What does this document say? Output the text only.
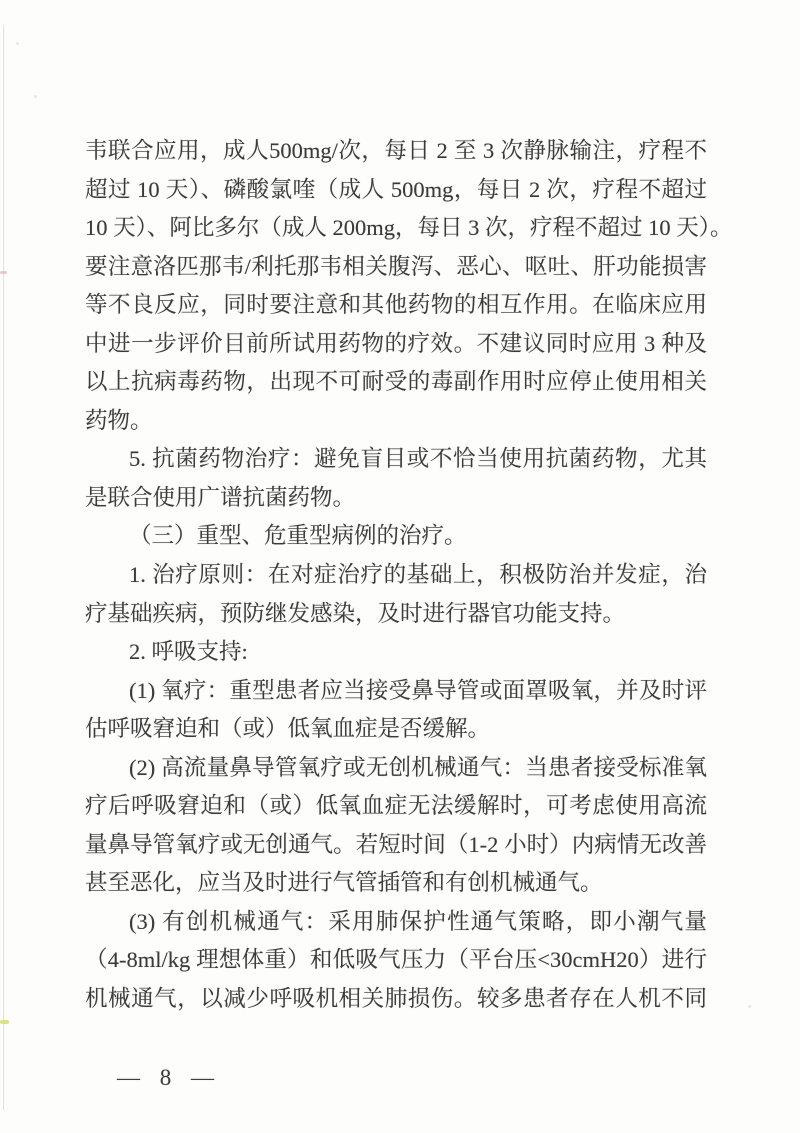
韦联合应用，成人500mg/次，每日 2 至 3 次静脉输注，疗程不
超过 10 天）、磷酸氯喹（成人 500mg，每日 2 次，疗程不超过
10 天）、阿比多尔（成人 200mg，每日 3 次，疗程不超过 10 天）。
要注意洛匹那韦/利托那韦相关腹泻、恶心、呕吐、肝功能损害
等不良反应，同时要注意和其他药物的相互作用。在临床应用
中进一步评价目前所试用药物的疗效。不建议同时应用 3 种及
以上抗病毒药物，出现不可耐受的毒副作用时应停止使用相关
药物。
5. 抗菌药物治疗：避免盲目或不恰当使用抗菌药物，尤其
是联合使用广谱抗菌药物。
（三）重型、危重型病例的治疗。
1. 治疗原则：在对症治疗的基础上，积极防治并发症，治
疗基础疾病，预防继发感染，及时进行器官功能支持。
2. 呼吸支持:
(1) 氧疗：重型患者应当接受鼻导管或面罩吸氧，并及时评
估呼吸窘迫和（或）低氧血症是否缓解。
(2) 高流量鼻导管氧疗或无创机械通气：当患者接受标准氧
疗后呼吸窘迫和（或）低氧血症无法缓解时，可考虑使用高流
量鼻导管氧疗或无创通气。若短时间（1-2 小时）内病情无改善
甚至恶化，应当及时进行气管插管和有创机械通气。
(3) 有创机械通气：采用肺保护性通气策略，即小潮气量
（4-8ml/kg 理想体重）和低吸气压力（平台压<30cmH20）进行
机械通气，以减少呼吸机相关肺损伤。较多患者存在人机不同
— 8 —
